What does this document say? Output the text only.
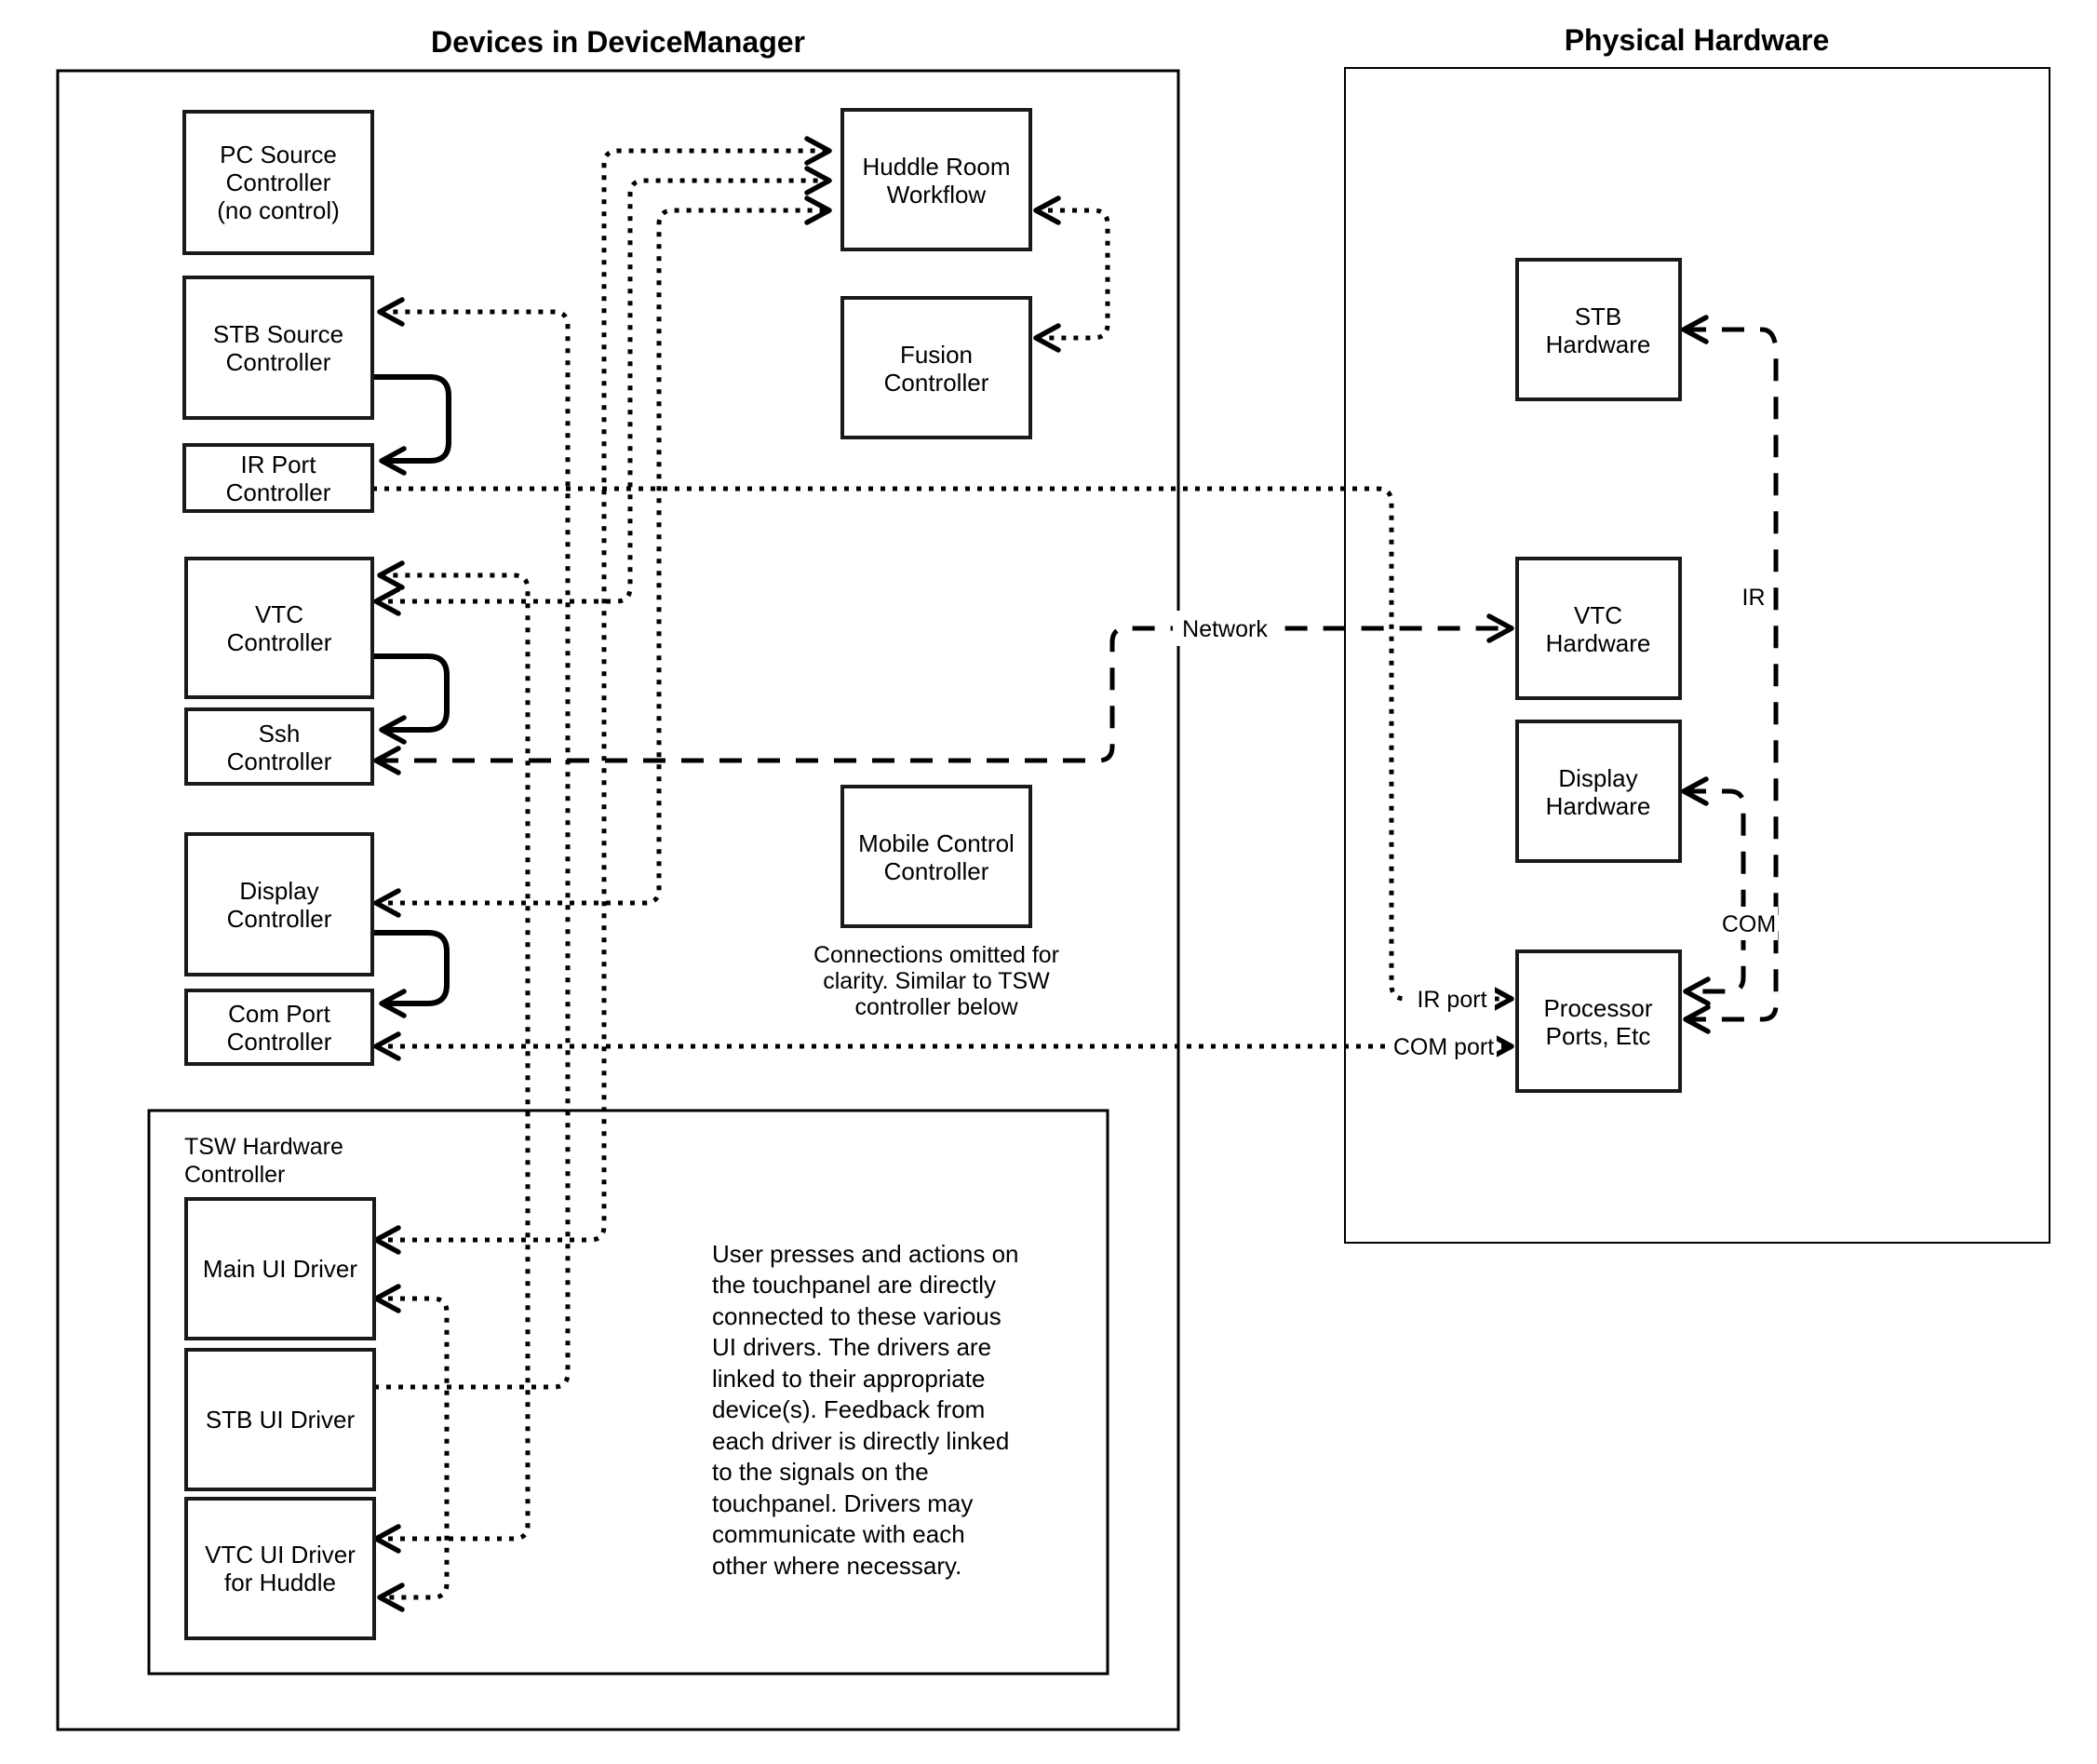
Devices in DeviceManager	Physical Hardware
Network
IR port
COM port
COM
IR
TSW Hardware
Controller
PC Source
Controller
(no control)
STB Source
Controller
IR Port
Controller
VTC
Controller
Ssh
Controller
Display
Controller
Com Port
Controller
Huddle Room
Workflow
Fusion
Controller
Mobile Control
Controller
Connections omitted for
clarity. Similar to TSW
controller below
Main UI Driver
STB UI Driver
VTC UI Driver
for Huddle
User presses and actions on
the touchpanel are directly
connected to these various
UI drivers. The drivers are
linked to their appropriate
device(s). Feedback from
each driver is directly linked
to the signals on the
touchpanel. Drivers may
communicate with each
other where necessary.
STB
Hardware
VTC
Hardware
Display
Hardware
Processor
Ports, Etc
